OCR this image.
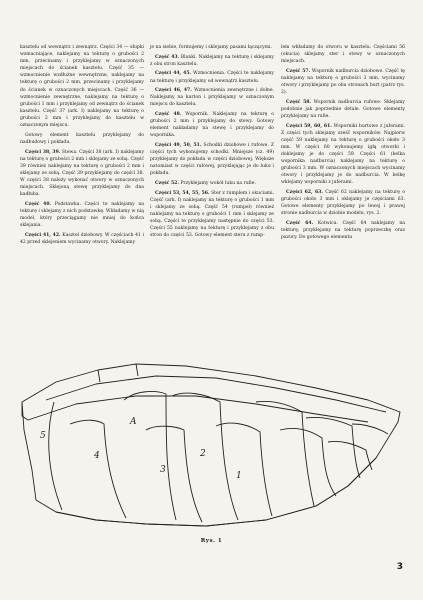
kasztelu od wewnątrz i zewnątrz. Części 34 — słupki wzmacniające, naklejamy na tekturę o grubości 2 mm, przecinamy i przyklejamy w oznaczonych miejscach do ścianek kasztelu. Część 35 — wzmocnienie wzdłużne wewnętrzne, naklejamy na tekturę o grubości 2 mm, przecinamy i przyklejamy do ścianek w oznaczonych miejscach. Część 36 — wzmocnienie zewnętrzne, naklejamy na tekturę o grubości 1 mm i przyklejamy od zewnątrz do ścianek kasztelu. Część 37 (ark. I) naklejamy na tekturę o grubości 2 mm i przyklejamy do kasztelu w oznaczonym miejscu.

Gotowy element kasztelu przyklejamy do nadbudowy i pokładu.

Części 38, 39. Stewa. Części 38 (ark. I) naklejamy na tekturę o grubości 2 mm i sklejamy ze sobą. Część 39 również naklejamy na tekturę o grubości 2 mm i sklejamy ze sobą. Część 39 przyklejamy do części 38. W części 38 należy wykonać otwory w oznaczonych miejscach. Sklejoną stewę przyklejamy do dna kadłuba.

Część 40. Podstawka. Części te naklejamy na tekturę i sklejamy z nich podstawkę. Wkładamy w nią model, który przeciągamy nie mniej do końca sklejania.

Części 41, 42. Kasztel dziobowy. W częściach 41 i 42 przed sklejeniem wycinamy otwory. Naklejamy

je na siebie, formujemy i sklejamy pasami łączącymi.

Część 43. Blanki. Naklejamy na tekturę i sklejamy z obu stron kasztelu.

Części 44, 45. Wzmocnienia. Części te naklejamy na tekturę i przyklejamy od wewnątrz kasztelu.

Części 46, 47. Wzmocnienia zewnętrzne i dolne. Naklejamy na karton i przyklejamy w oznaczonym miejscu do kasztelu.

Część 48. Wspornik. Naklejamy na tekturę o grubości 2 mm i przyklejamy do stewy. Gotowy element nakładamy na stewę i przyklejamy do wspornika.

Części 49, 50, 51. Schodki dziobowe i rufowe. Z części tych wykonujemy schodki. Mniejsze (cz. 49) przyklejamy do pokładu w części dziobowej. Większe natomiast w części rufowej, przyklejając je do luku i pokładu.

Część 52. Przyklejamy wokół luku na rufie.

Części 53, 54, 55, 56. Ster z rumplem i okuciami. Część (ark. I) naklejamy na tekturę o grubości 1 mm i sklejamy ze sobą. Część 54 (rumpel) również naklejamy na tekturę o grubości 1 mm i sklejamy ze sobą. Części te przyklejamy następnie do części 53. Części 55 naklejamy na tekturę i przyklejamy z obu stron do części 53. Gotowy element steru z rump-

lem wkładamy do otworu w kasztelu. Częściami 56 (okucia) sklejamy ster i stewy w oznaczonych miejscach.

Część 57. Wspornik nadburcia dziobowe. Część tę naklejamy na tekturę o grubości 3 mm, wycinamy otwory i przyklejamy po obu stronach burt (patrz rys. 2).

Część 58. Wspornik nadburcia rufowe. Sklejamy podobnie jak poprzednie detale. Gotowe elementy przyklejamy na rufie.

Części 59, 60, 61. Wsporniki burtowe z juferami. Z części tych sklejamy sześć wsporników. Najpierw część 59 naklejamy na tekturę o grubości około 3 mm. W części 60 wykonujemy igłą otworki i doklejamy je do części 59. Części 61 (belka wspornika nadburcia) naklejamy na tekturę o grubości 3 mm. W oznaczonych miejscach wycinamy otwory i przyklejamy je do nadburcia. W belkę wklejamy wsporniki z juferami.

Części 62, 63. Część 62 naklejamy na tekturę o grubości około 3 mm i oklejamy je częściami 63. Gotowe elementy przyklejamy po lewej i prawej stronie nadburcia w dziobie modelu, rys. 2.

Część 64. Kotwica. Część 64 naklejamy na tekturę, przyklejamy na tekturę poprzeczkę oraz pazury. Do gotowego elementu

5
4
A
3
2
1
Rys. 1
3
